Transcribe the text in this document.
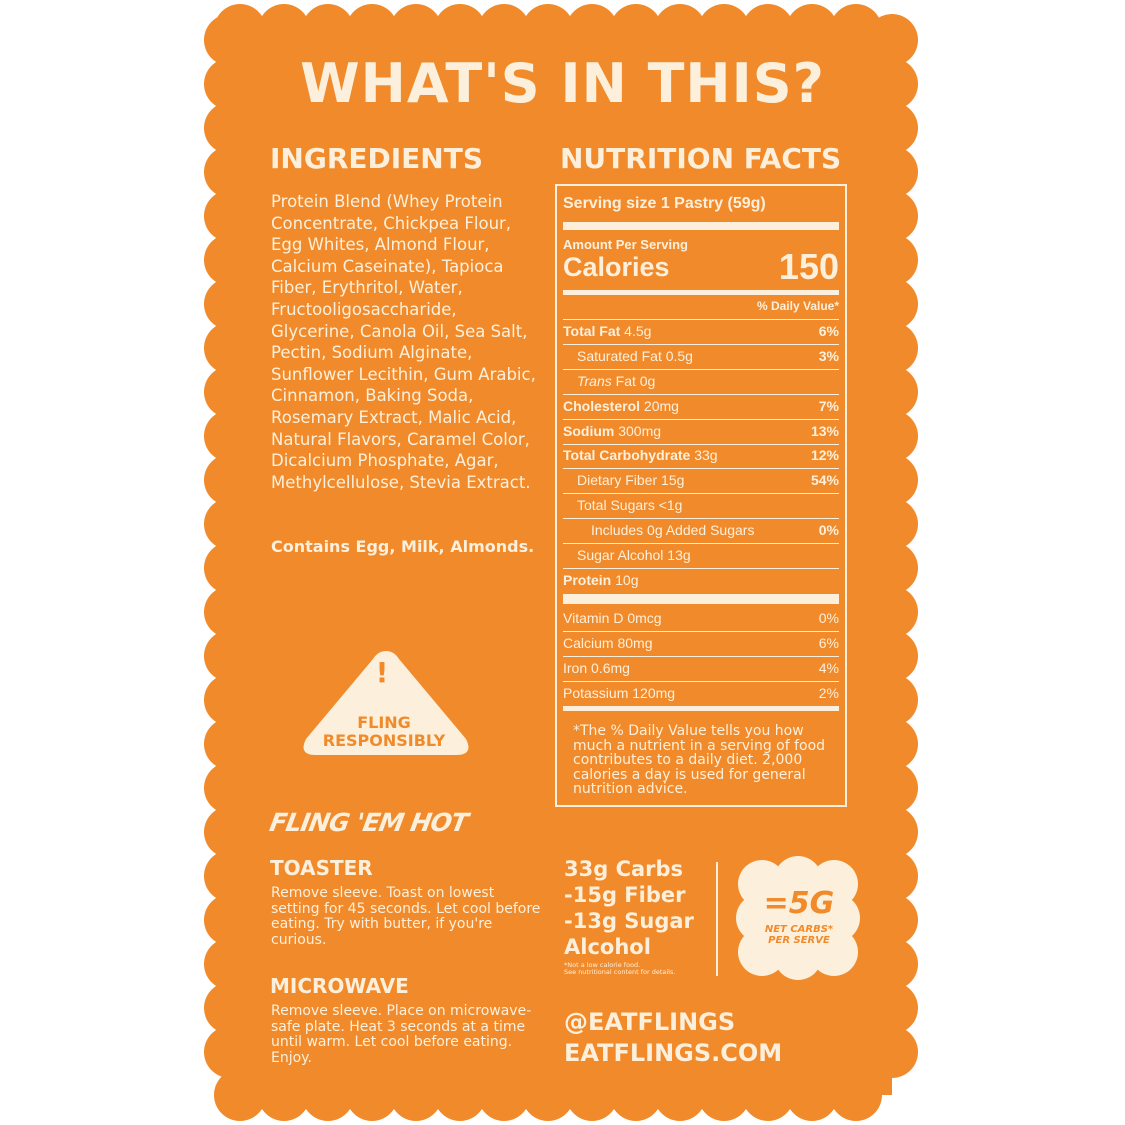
WHAT'S IN THIS?
INGREDIENTS	NUTRITION FACTS
Protein Blend (Whey Protein Concentrate, Chickpea Flour, Egg Whites, Almond Flour, Calcium Caseinate), Tapioca Fiber, Erythritol, Water, Fructooligosaccharide, Glycerine, Canola Oil, Sea Salt, Pectin, Sodium Alginate, Sunflower Lecithin, Gum Arabic, Cinnamon, Baking Soda, Rosemary Extract, Malic Acid, Natural Flavors, Caramel Color, Dicalcium Phosphate, Agar, Methylcellulose, Stevia Extract.
Contains Egg, Milk, Almonds.
Serving size 1 Pastry (59g)
Amount Per Serving
Calories	150
% Daily Value*
Total Fat 4.5g	6%
Saturated Fat 0.5g	3%
Trans Fat 0g
Cholesterol 20mg	7%
Sodium 300mg	13%
Total Carbohydrate 33g	12%
Dietary Fiber 15g	54%
Total Sugars <1g
Includes 0g Added Sugars	0%
Sugar Alcohol 13g
Protein 10g
Vitamin D 0mcg	0%
Calcium 80mg	6%
Iron 0.6mg	4%
Potassium 120mg	2%
*The % Daily Value tells you how much a nutrient in a serving of food contributes to a daily diet. 2,000 calories a day is used for general nutrition advice.
!
FLING RESPONSIBLY
FLING 'EM HOT
TOASTER
Remove sleeve. Toast on lowest setting for 45 seconds. Let cool before eating. Try with butter, if you're curious.
MICROWAVE
Remove sleeve. Place on microwave-safe plate. Heat 3 seconds at a time until warm. Let cool before eating. Enjoy.
33g Carbs
-15g Fiber
-13g Sugar
Alcohol
*Not a low calorie food.
See nutritional content for details.
=5G
NET CARBS*
PER SERVE
@EATFLINGS
EATFLINGS.COM
